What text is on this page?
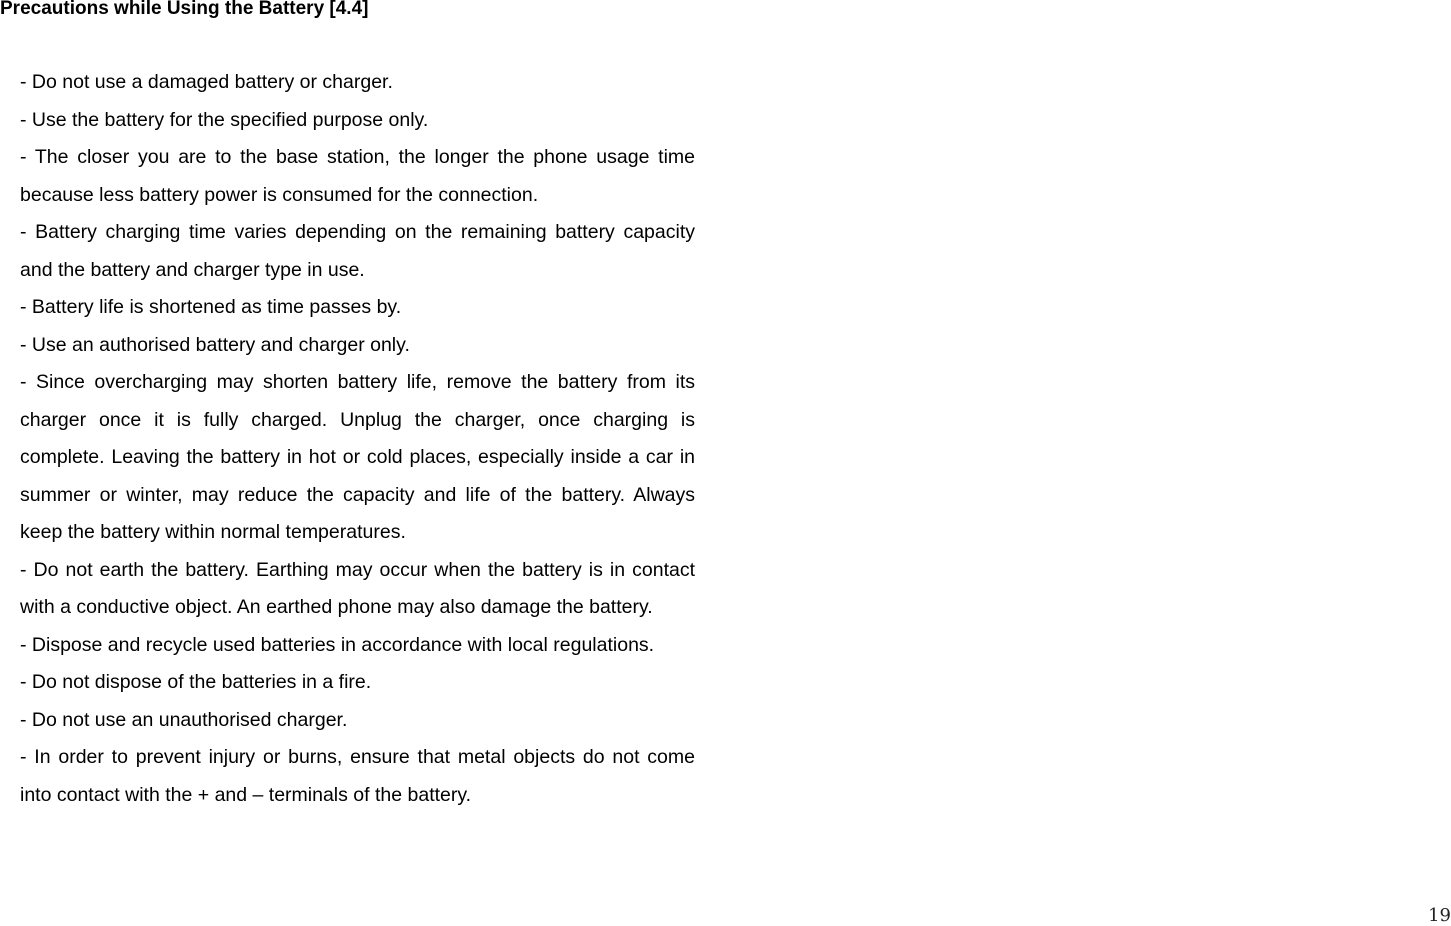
Precautions while Using the Battery [4.4]

- Do not use a damaged battery or charger.

- Use the battery for the specified purpose only.

- The closer you are to the base station, the longer the phone usage time because less battery power is consumed for the connection.

- Battery charging time varies depending on the remaining battery capacity and the battery and charger type in use.

- Battery life is shortened as time passes by.

- Use an authorised battery and charger only.

- Since overcharging may shorten battery life, remove the battery from its charger once it is fully charged. Unplug the charger, once charging is complete. Leaving the battery in hot or cold places, especially inside a car in summer or winter, may reduce the capacity and life of the battery. Always keep the battery within normal temperatures.

- Do not earth the battery. Earthing may occur when the battery is in contact with a conductive object. An earthed phone may also damage the battery.

- Dispose and recycle used batteries in accordance with local regulations.

- Do not dispose of the batteries in a fire.

- Do not use an unauthorised charger.

- In order to prevent injury or burns, ensure that metal objects do not come into contact with the + and – terminals of the battery.

19
